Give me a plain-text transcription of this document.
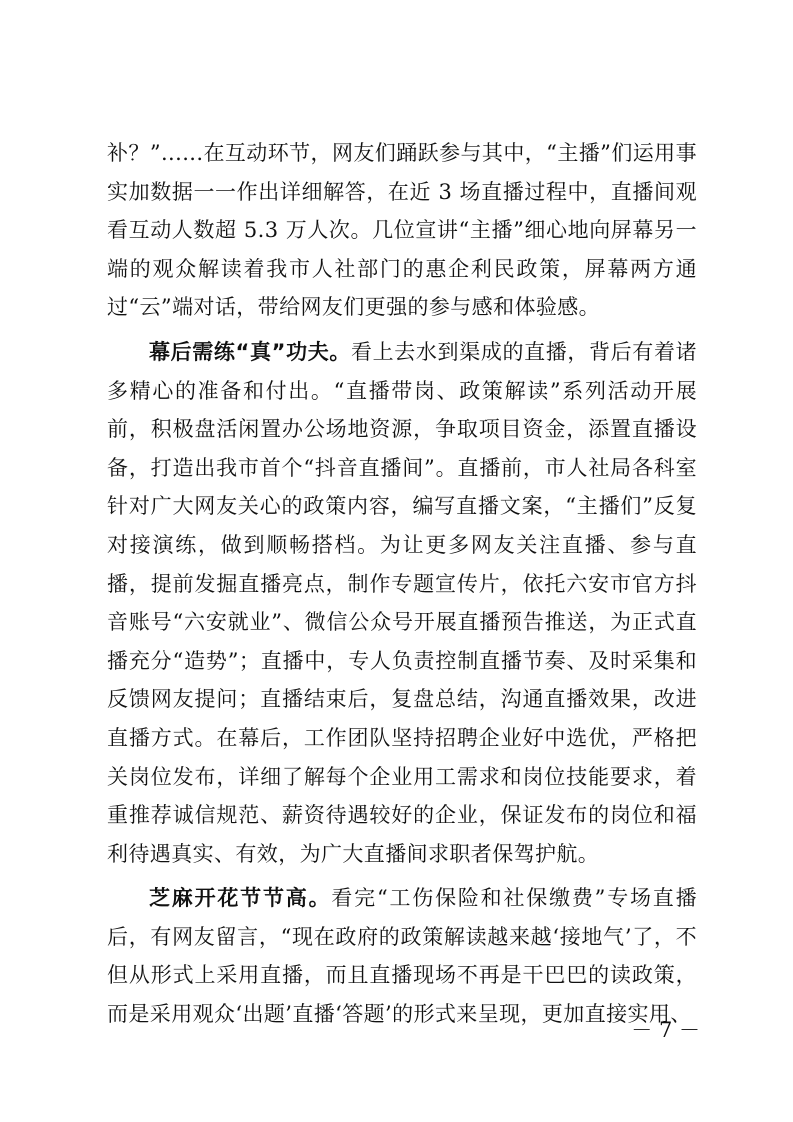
补？”......在互动环节，网友们踊跃参与其中，“主播”们运用事实加数据一一作出详细解答，在近 3 场直播过程中，直播间观看互动人数超 5.3 万人次。几位宣讲“主播”细心地向屏幕另一端的观众解读着我市人社部门的惠企利民政策，屏幕两方通过“云”端对话，带给网友们更强的参与感和体验感。

幕后需练“真”功夫。看上去水到渠成的直播，背后有着诸多精心的准备和付出。“直播带岗、政策解读”系列活动开展前，积极盘活闲置办公场地资源，争取项目资金，添置直播设备，打造出我市首个“抖音直播间”。直播前，市人社局各科室针对广大网友关心的政策内容，编写直播文案，“主播们”反复对接演练，做到顺畅搭档。为让更多网友关注直播、参与直播，提前发掘直播亮点，制作专题宣传片，依托六安市官方抖音账号“六安就业”、微信公众号开展直播预告推送，为正式直播充分“造势”；直播中，专人负责控制直播节奏、及时采集和反馈网友提问；直播结束后，复盘总结，沟通直播效果，改进直播方式。在幕后，工作团队坚持招聘企业好中选优，严格把关岗位发布，详细了解每个企业用工需求和岗位技能要求，着重推荐诚信规范、薪资待遇较好的企业，保证发布的岗位和福利待遇真实、有效，为广大直播间求职者保驾护航。

芝麻开花节节高。看完“工伤保险和社保缴费”专场直播后，有网友留言，“现在政府的政策解读越来越‘接地气’了，不但从形式上采用直播，而且直播现场不再是干巴巴的读政策，而是采用观众‘出题’直播‘答题’的形式来呈现，更加直接实用、

－ 7 －
